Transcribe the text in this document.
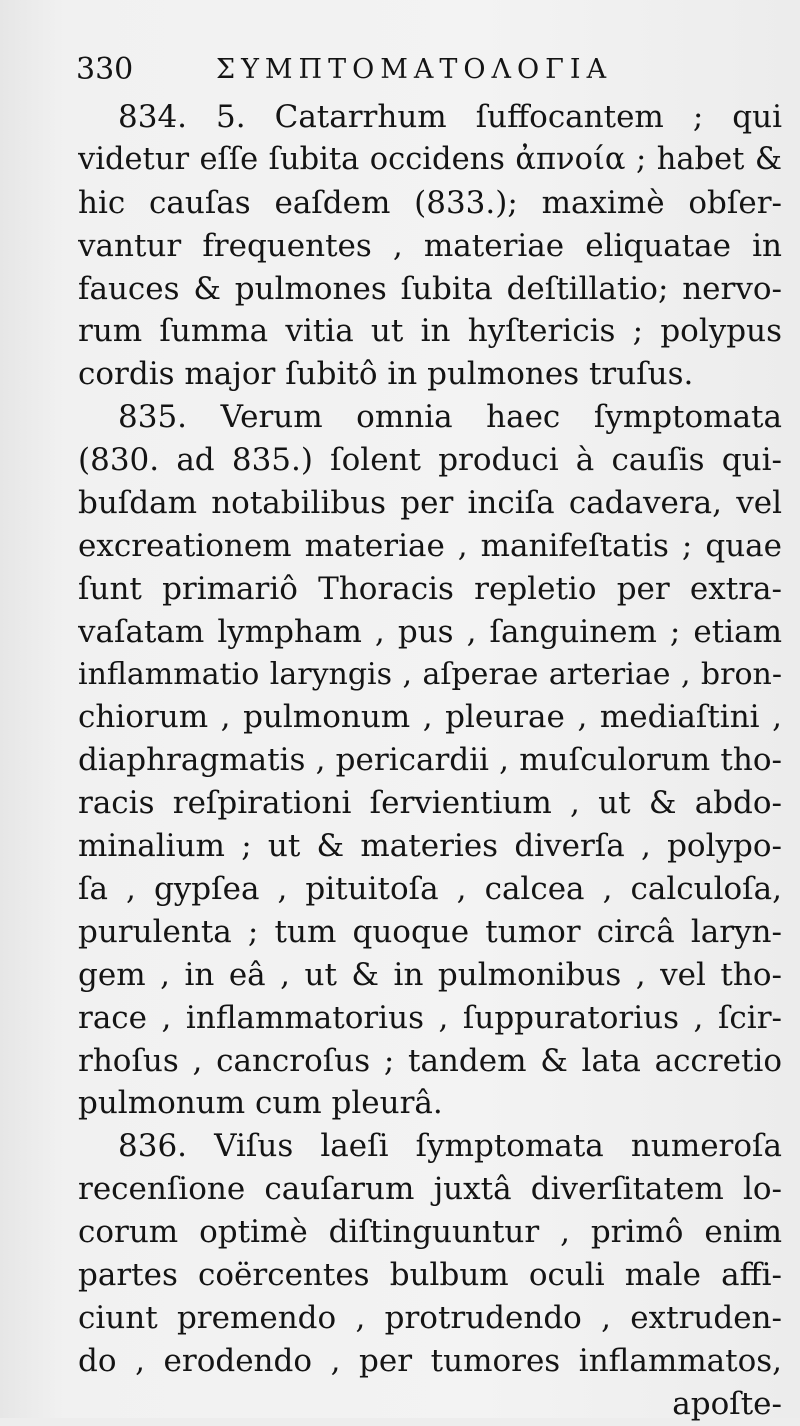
330	ΣΥΜΠΤΟΜΑΤΟΛΟΓΙΑ
834. 5. Catarrhum ſuffocantem ; qui
videtur eſſe ſubita occidens ἀπνοία ; habet &
hic cauſas eaſdem (833.); maximè obſer-
vantur frequentes , materiae eliquatae in
fauces & pulmones ſubita deſtillatio; nervo-
rum ſumma vitia ut in hyſtericis ; polypus
cordis major ſubitô in pulmones truſus.
835. Verum omnia haec ſymptomata
(830. ad 835.) ſolent produci à cauſis qui-
buſdam notabilibus per inciſa cadavera, vel
excreationem materiae , manifeſtatis ; quae
ſunt primariô Thoracis repletio per extra-
vaſatam lympham , pus , ſanguinem ; etiam
inflammatio laryngis , aſperae arteriae , bron-
chiorum , pulmonum , pleurae , mediaſtini ,
diaphragmatis , pericardii , muſculorum tho-
racis reſpirationi ſervientium , ut & abdo-
minalium ; ut & materies diverſa , polypo-
ſa , gypſea , pituitoſa , calcea , calculoſa,
purulenta ; tum quoque tumor circâ laryn-
gem , in eâ , ut & in pulmonibus , vel tho-
race , inflammatorius , ſuppuratorius , ſcir-
rhoſus , cancroſus ; tandem & lata accretio
pulmonum cum pleurâ.
836. Viſus laeſi ſymptomata numeroſa
recenſione cauſarum juxtâ diverſitatem lo-
corum optimè diſtinguuntur , primô enim
partes coërcentes bulbum oculi male affi-
ciunt premendo , protrudendo , extruden-
do , erodendo , per tumores inflammatos,
apoſte-
